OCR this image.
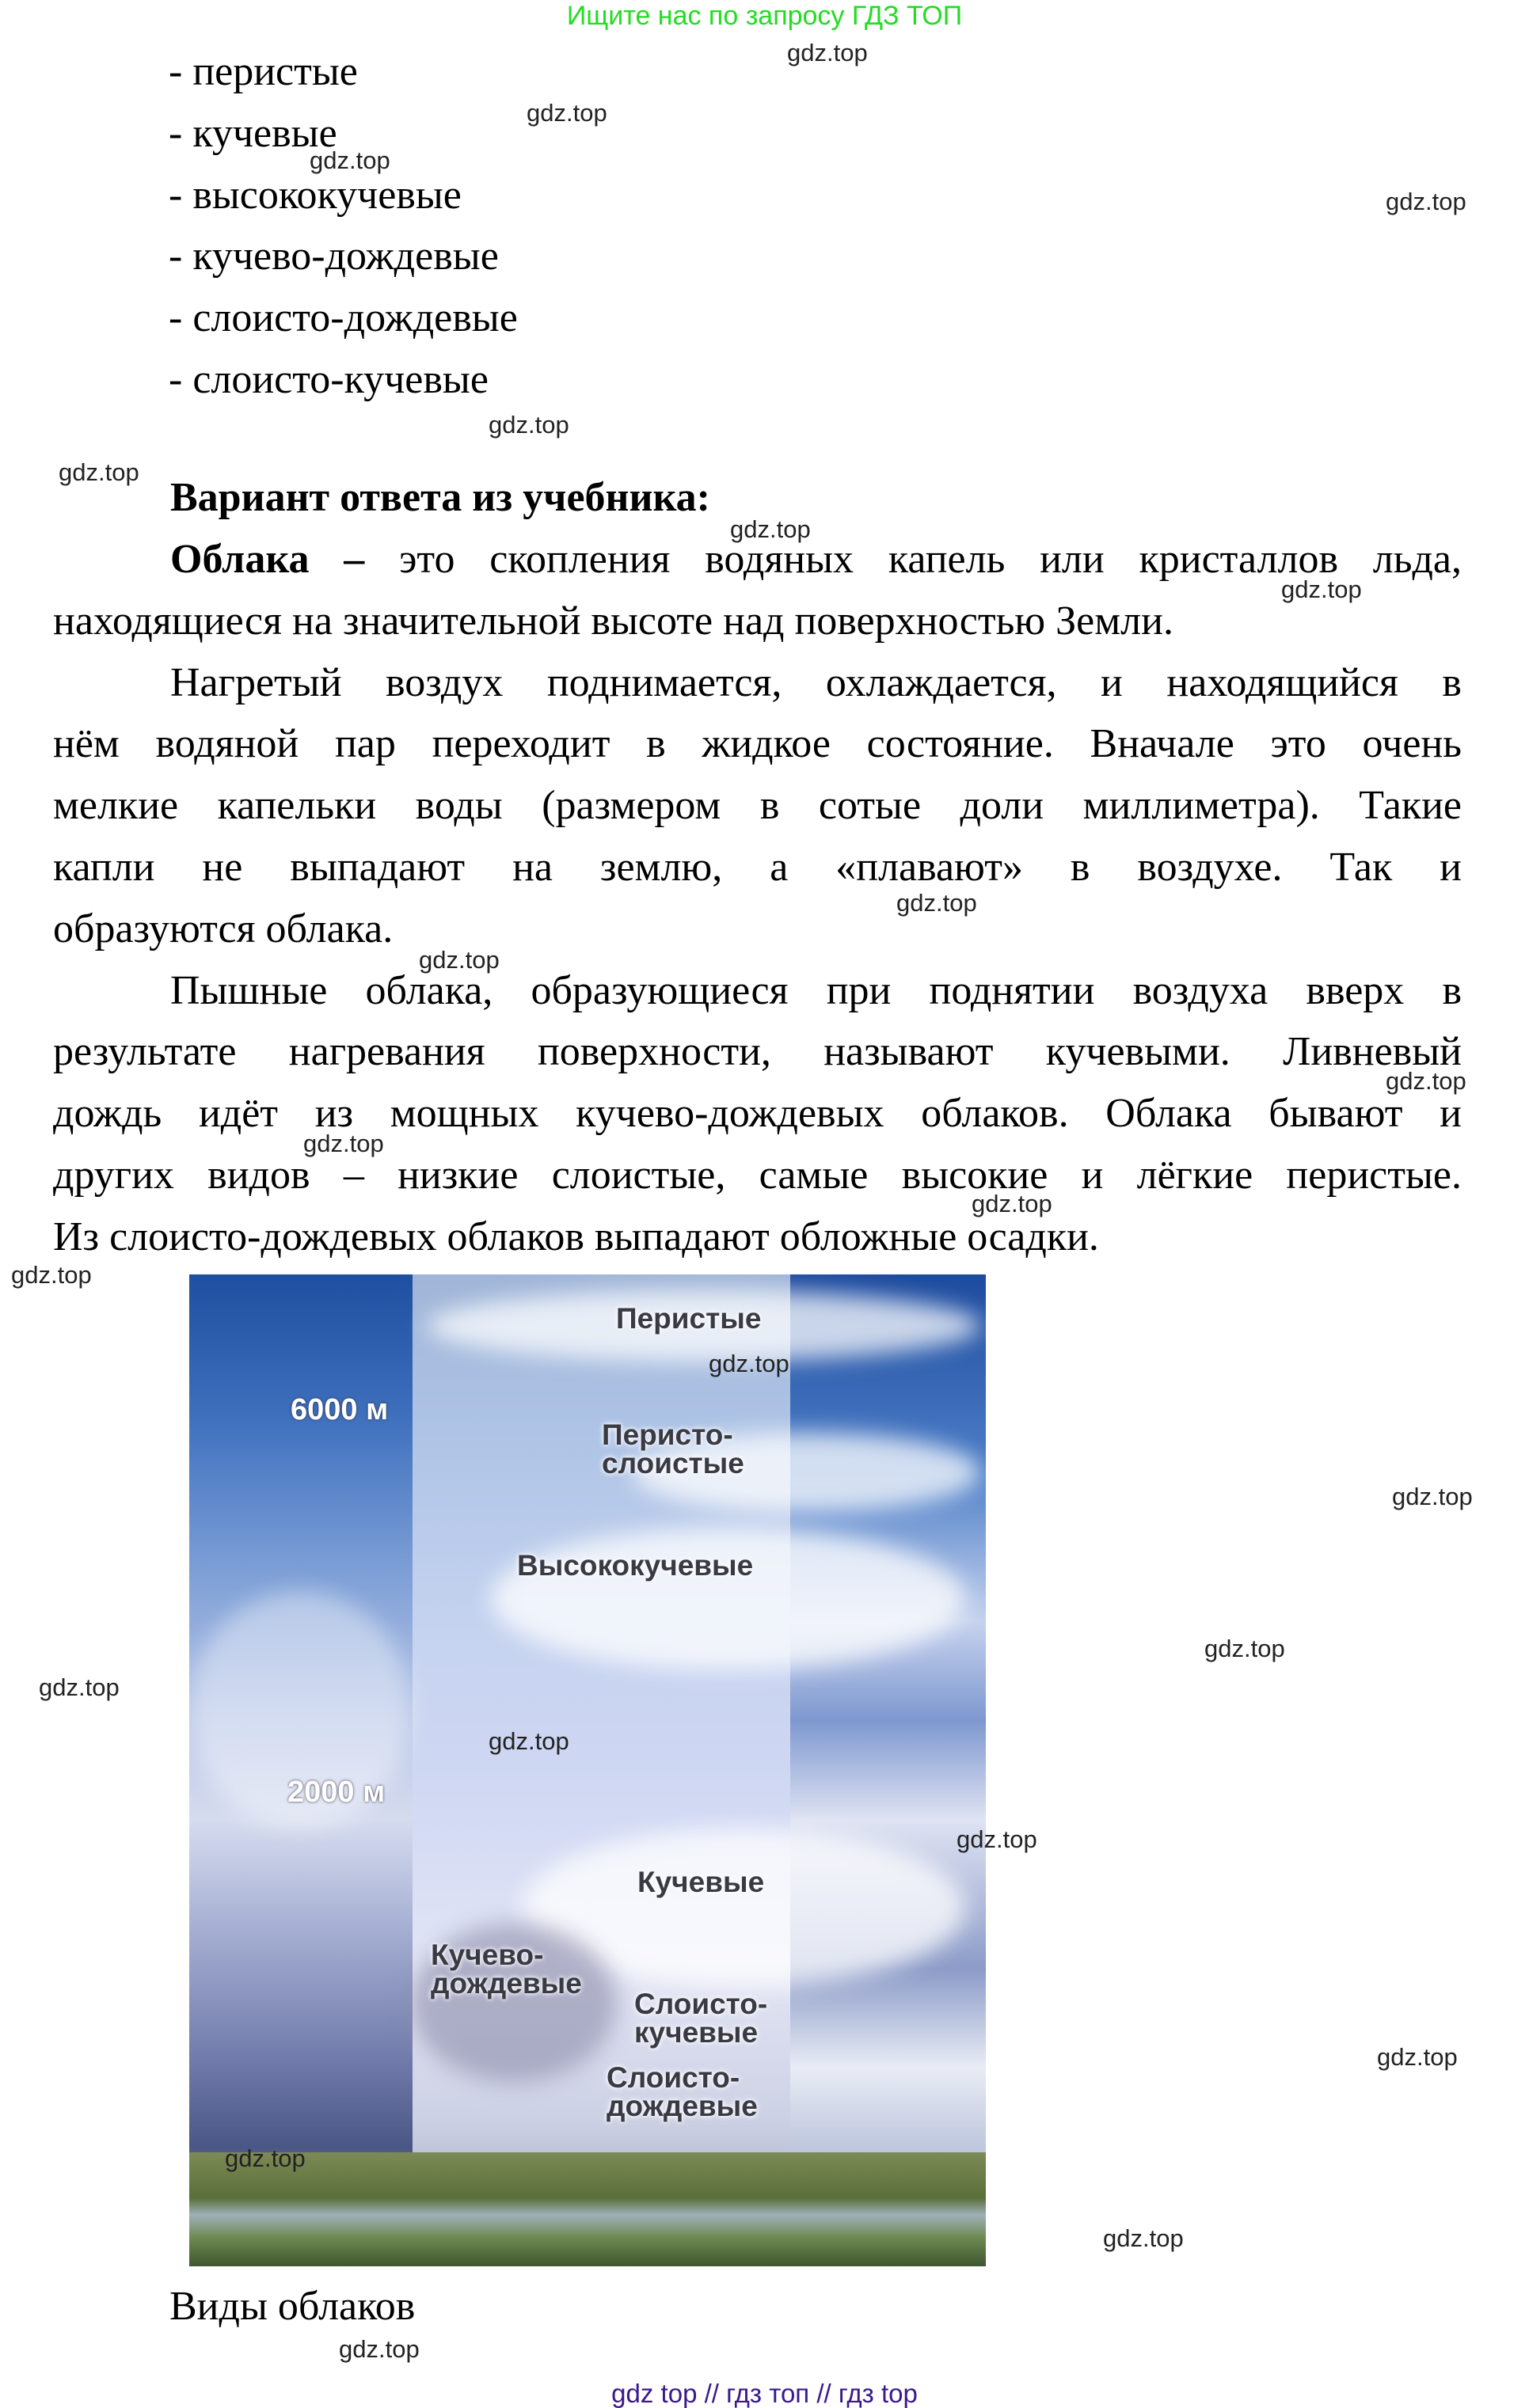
Ищите нас по запросу ГДЗ ТОП
- перистые
- кучевые
- высококучевые
- кучево-дождевые
- слоисто-дождевые
- слоисто-кучевые
Вариант ответа из учебника:
Облака – это скопления водяных капель или кристаллов льда,
находящиеся на значительной высоте над поверхностью Земли.
Нагретый воздух поднимается, охлаждается, и находящийся в
нём водяной пар переходит в жидкое состояние. Вначале это очень
мелкие капельки воды (размером в сотые доли миллиметра). Такие
капли не выпадают на землю, а «плавают» в воздухе. Так и
образуются облака.
Пышные облака, образующиеся при поднятии воздуха вверх в
результате нагревания поверхности, называют кучевыми. Ливневый
дождь идёт из мощных кучево-дождевых облаков. Облака бывают и
других видов – низкие слоистые, самые высокие и лёгкие перистые.
Из слоисто-дождевых облаков выпадают обложные осадки.
Перистые
6000 м
Перисто-
слоистые
Высококучевые
2000 м
Кучевые
Кучево-
дождевые
Слоисто-
кучевые
Слоисто-
дождевые
Виды облаков
gdz.top
gdz.top
gdz.top
gdz.top
gdz.top
gdz.top
gdz.top
gdz.top
gdz.top
gdz.top
gdz.top
gdz.top
gdz.top
gdz.top
gdz.top
gdz.top
gdz.top
gdz.top
gdz.top
gdz.top
gdz.top
gdz.top
gdz.top
gdz.top
gdz top // гдз топ // гдз top
